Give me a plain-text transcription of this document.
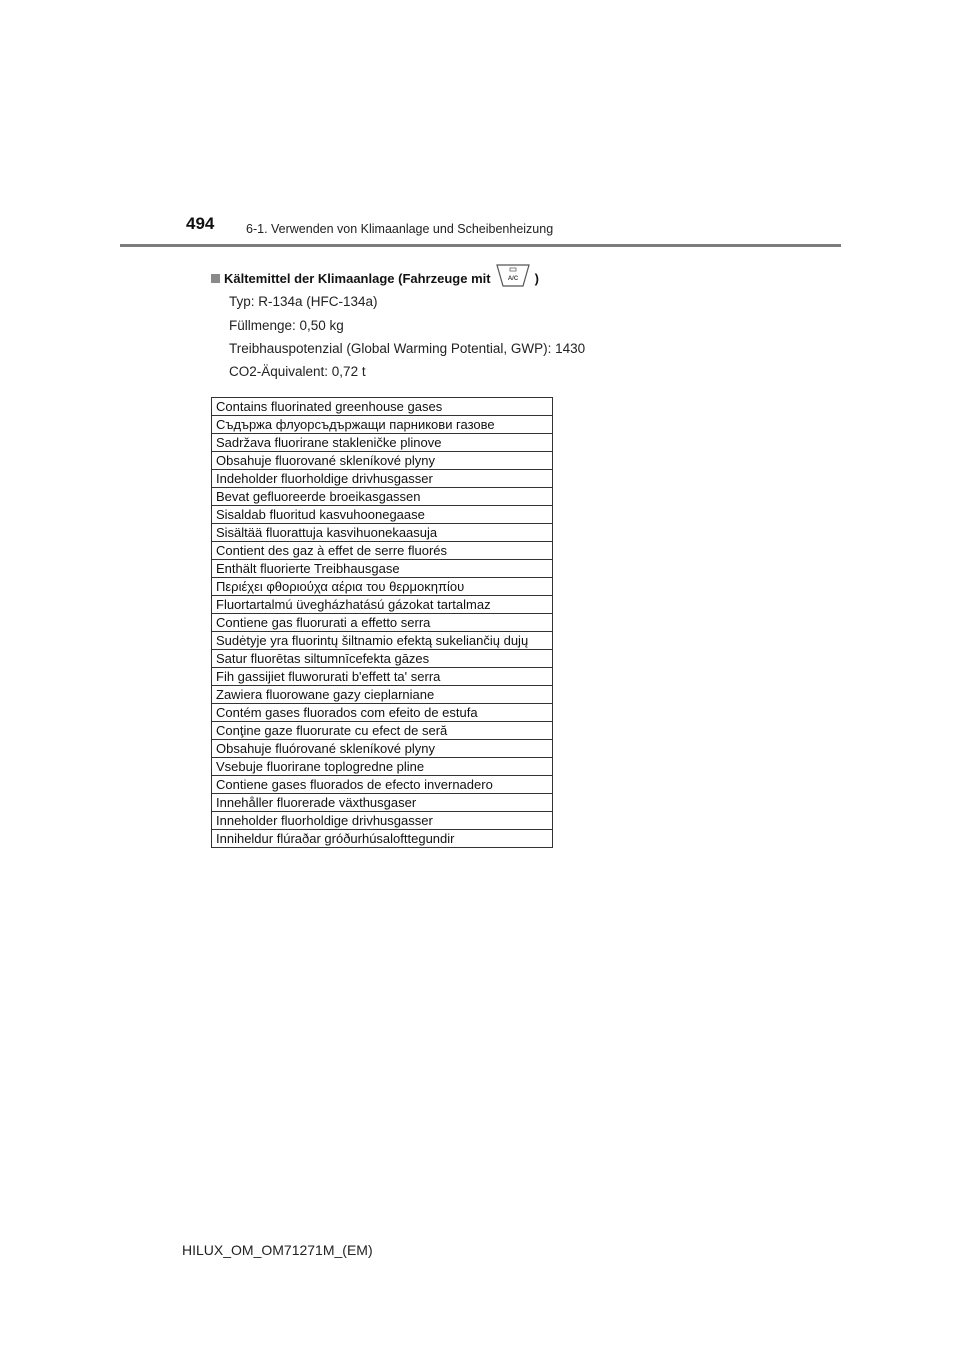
494	6-1. Verwenden von Klimaanlage und Scheibenheizung
Kältemittel der Klimaanlage (Fahrzeuge mit	A/C )
Typ: R-134a (HFC-134a)
Füllmenge: 0,50 kg
Treibhauspotenzial (Global Warming Potential, GWP): 1430
CO2-Äquivalent: 0,72 t
Contains fluorinated greenhouse gases
Съдържа флуорсъдържащи парникови газове
Sadržava fluorirane stakleničke plinove
Obsahuje fluorované skleníkové plyny
Indeholder fluorholdige drivhusgasser
Bevat gefluoreerde broeikasgassen
Sisaldab fluoritud kasvuhoonegaase
Sisältää fluorattuja kasvihuonekaasuja
Contient des gaz à effet de serre fluorés
Enthält fluorierte Treibhausgase
Περιέχει φθοριούχα αέρια του θερμοκηπίου
Fluortartalmú üvegházhatású gázokat tartalmaz
Contiene gas fluorurati a effetto serra
Sudėtyje yra fluorintų šiltnamio efektą sukeliančių dujų
Satur fluorētas siltumnīcefekta gāzes
Fih gassijiet fluworurati b'effett ta' serra
Zawiera fluorowane gazy cieplarniane
Contém gases fluorados com efeito de estufa
Conţine gaze fluorurate cu efect de seră
Obsahuje fluórované skleníkové plyny
Vsebuje fluorirane toplogredne pline
Contiene gases fluorados de efecto invernadero
Innehåller fluorerade växthusgaser
Inneholder fluorholdige drivhusgasser
Inniheldur flúraðar gróðurhúsalofttegundir
HILUX_OM_OM71271M_(EM)
